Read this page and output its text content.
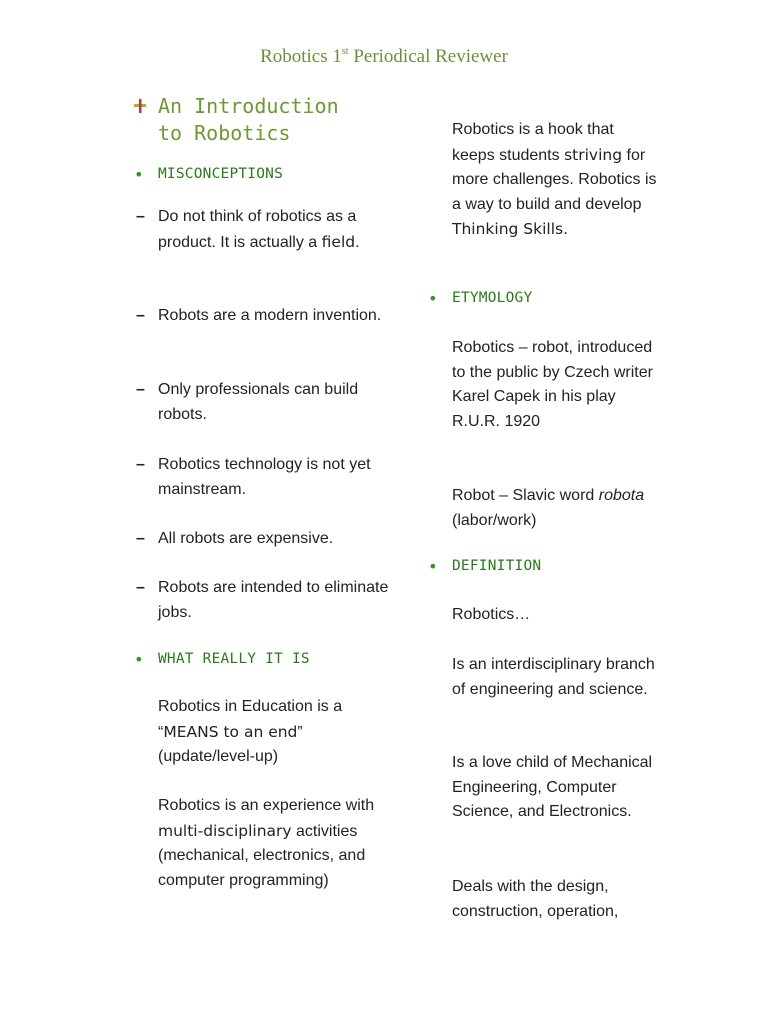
Robotics 1st Periodical Reviewer
An Introduction
to Robotics
• MISCONCEPTIONS
– Do not think of robotics as a product. It is actually a field.
– Robots are a modern invention.
– Only professionals can build robots.
– Robotics technology is not yet mainstream.
– All robots are expensive.
– Robots are intended to eliminate jobs.
• WHAT REALLY IT IS
Robotics in Education is a “MEANS to an end” (update/level-up)
Robotics is an experience with multi-disciplinary activities (mechanical, electronics, and computer programming)
Robotics is a hook that keeps students striving for more challenges. Robotics is a way to build and develop Thinking Skills.
• ETYMOLOGY
Robotics – robot, introduced to the public by Czech writer Karel Capek in his play R.U.R. 1920
Robot – Slavic word robota (labor/work)
• DEFINITION
Robotics…
Is an interdisciplinary branch of engineering and science.
Is a love child of Mechanical Engineering, Computer Science, and Electronics.
Deals with the design, construction, operation,
